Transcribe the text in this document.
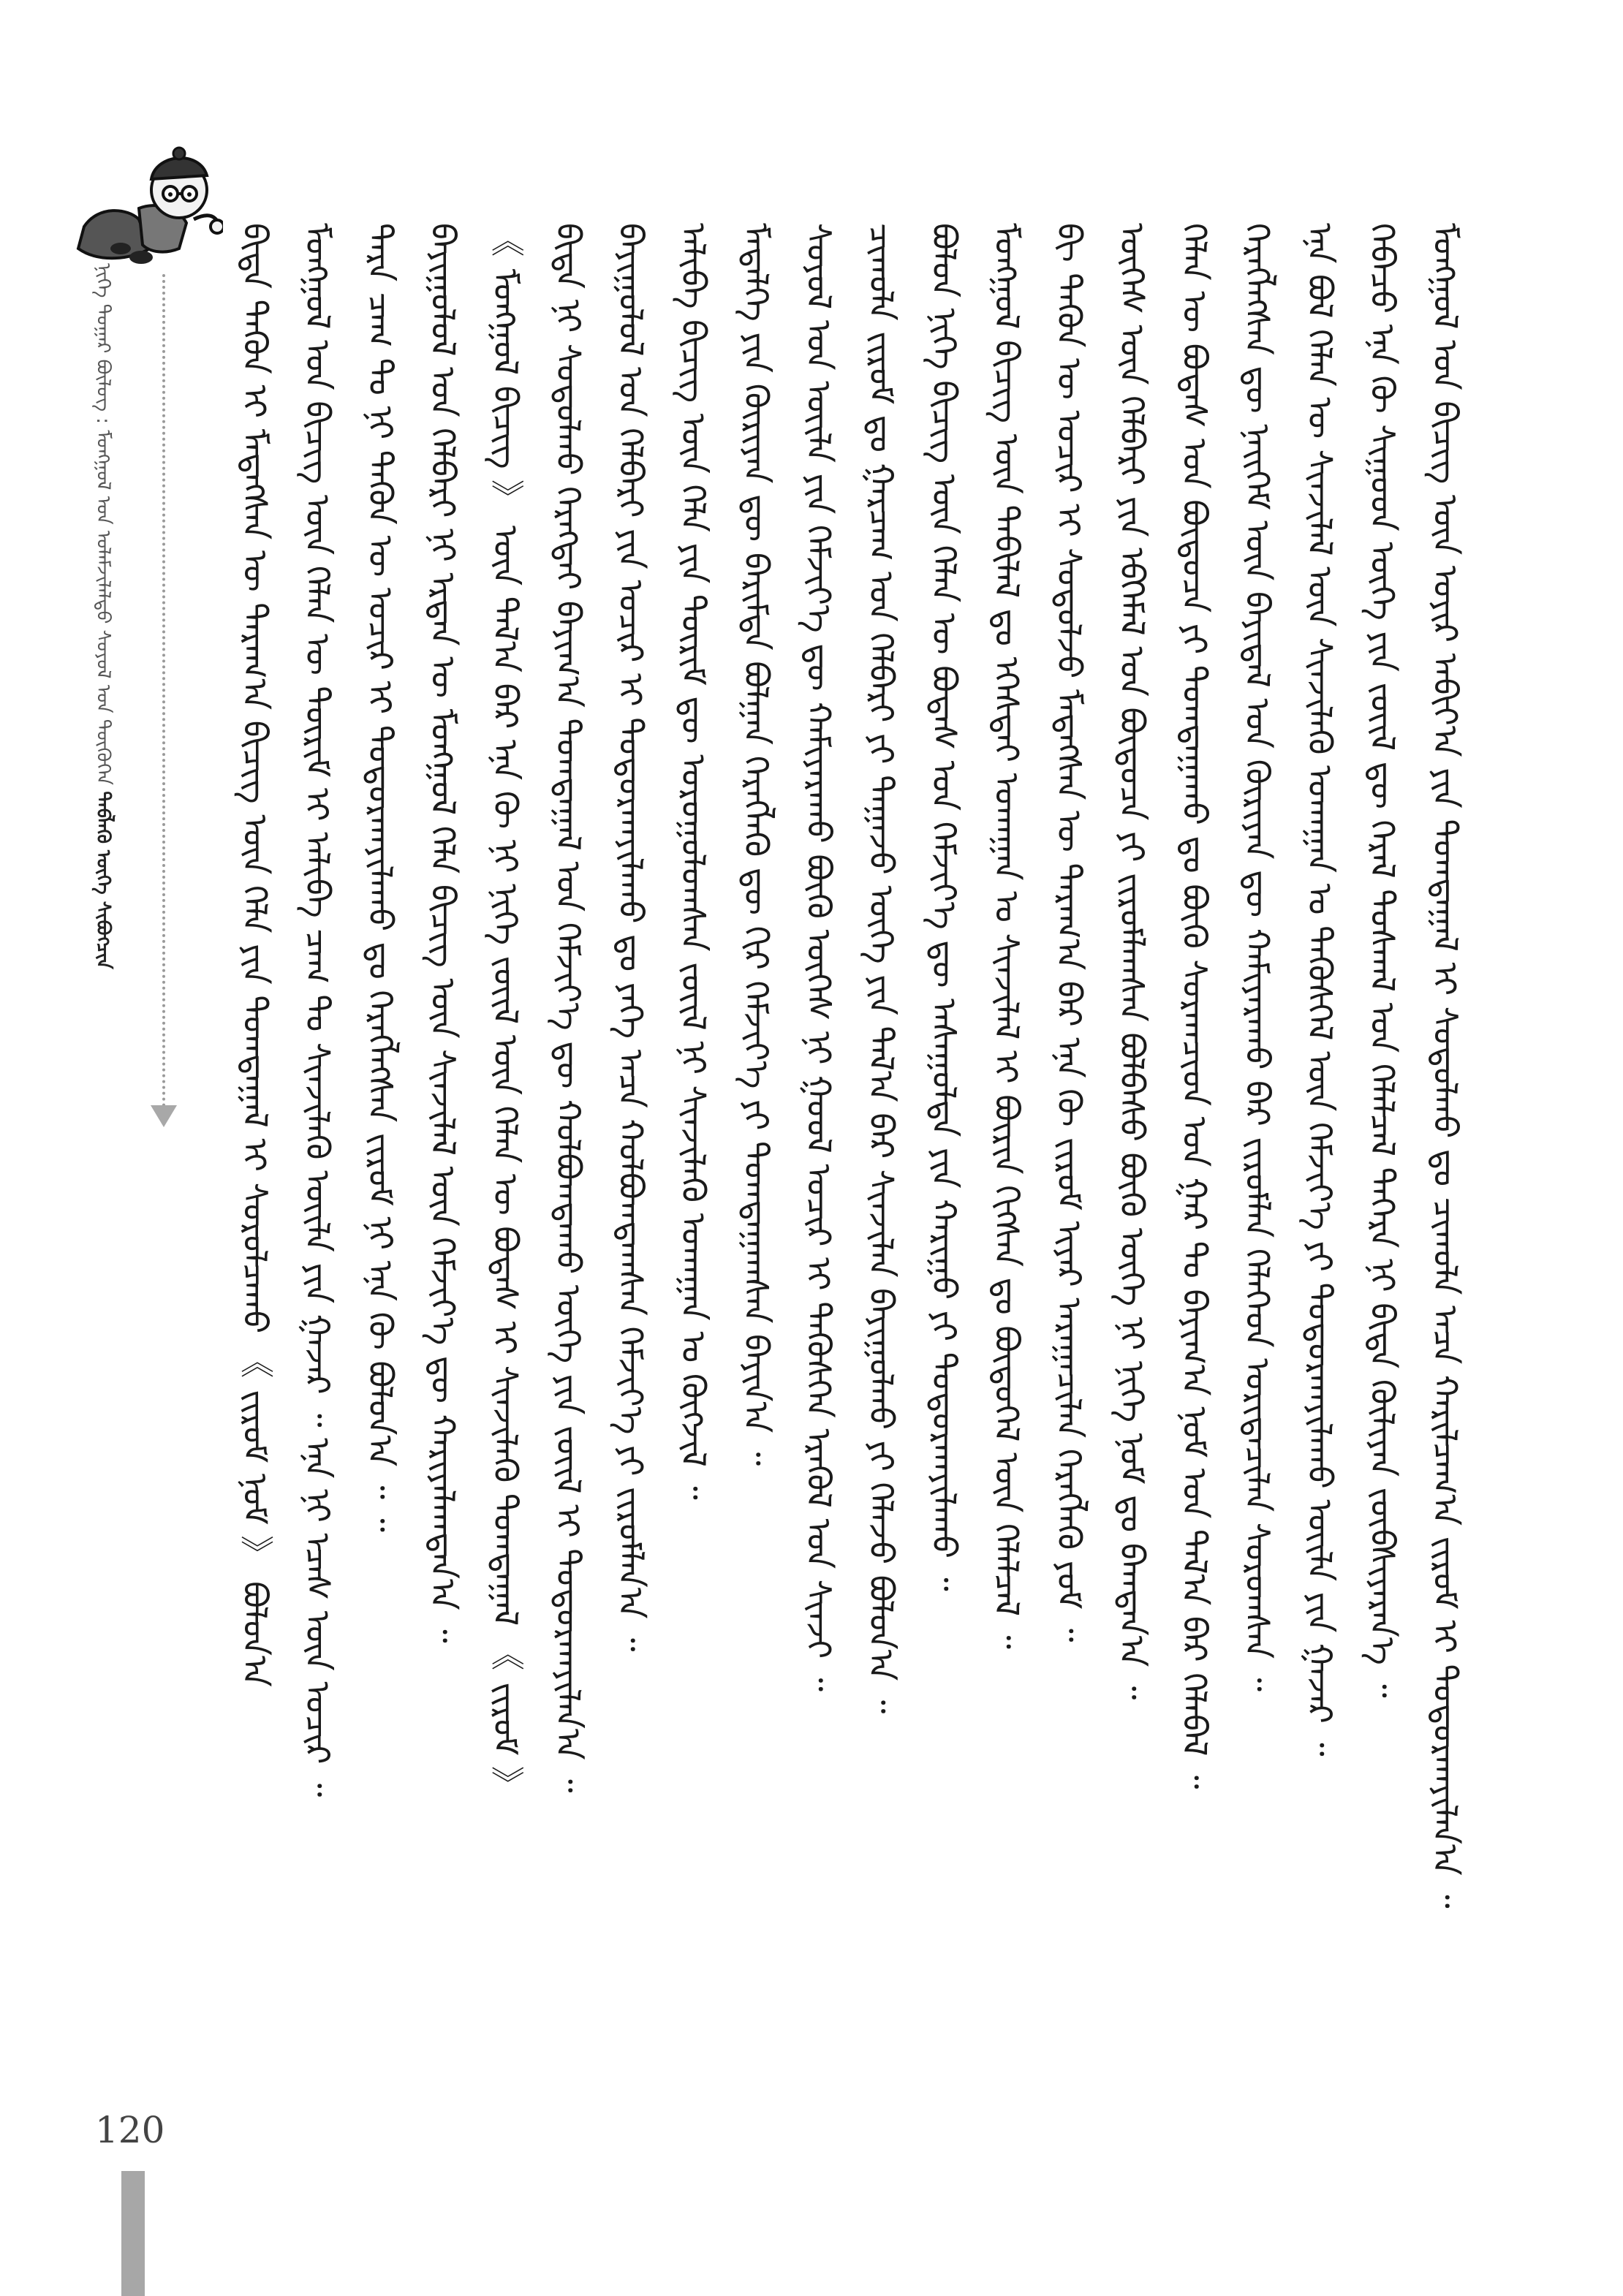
ᠨᠢᠭᠡ ᠳᠤᠭᠠᠷ ᠪᠦᠯᠦᠭ : ᠮᠣᠩᠭᠣᠯ ᠤᠨ ᠤᠯᠠᠮᠵᠢᠯᠠᠯᠲᠣ ᠰᠣᠶᠣᠯ ᠤᠨ ᠲᠦᠭᠦᠬᠡᠨ ᠲᠡᠪᠯᠡᠬᠦ ᠦᠭᠡ ᠰᠢᠪᠦᠭᠴᠢᠨ
120
ᠮᠣᠩᠭᠣᠯ ᠤᠨ ᠪᠢᠴᠢᠭ ᠦᠨ ᠣᠶᠢᠷ ᠠᠪᠢᠶ᠎ᠠ ᠶᠢᠨ ᠲᠣᠭᠲᠠᠭᠠᠯ ᠢ ᠰᠣᠳᠤᠯᠬᠤ ᠳᠤ ᠴᠢᠬᠤᠯᠠ ᠠᠴᠠ ᠬᠠᠷᠢᠯᠴᠠᠭ᠎ᠠ ᠵᠢᠷᠤᠮ ᠢ ᠲᠣᠳᠤᠷᠬᠠᠶᠢᠯᠠᠨ᠎ᠠ ᠃
ᠭᠡᠪᠡᠴᠦ ᠡᠨᠡ ᠬᠦ ᠰᠢᠭᠤᠳ ᠦᠭᠡ ᠶᠢᠨ ᠵᠦᠢᠯ ᠳᠦ ᠭᠡᠷᠡᠯ ᠲᠤᠰᠬᠠᠯ ᠤᠨ ᠬᠡᠯᠡᠯᠴᠡᠯ ᠳᠡᠭᠡᠷᠡ ᠨᠢ ᠪᠢᠳᠡ ᠬᠦᠯᠢᠶᠡᠨ ᠵᠥᠪᠰᠢᠶᠡᠷᠡᠨ᠎ᠡ ᠃
ᠡᠨᠡ ᠪᠣᠯ ᠬᠡᠯᠡᠨ ᠦ ᠰᠢᠨᠵᠢᠯᠡᠯ ᠦᠨ ᠰᠢᠨᠵᠢᠯᠡᠬᠦ ᠤᠬᠠᠭᠠᠨ ᠤ ᠲᠡᠭᠦᠰᠬᠡᠯ ᠦᠨ ᠬᠡᠮᠵᠢᠶ᠎ᠡ ᠶᠢ ᠲᠣᠳᠤᠷᠬᠠᠶᠢᠯᠠᠬᠤ ᠦᠢᠯᠡ ᠶᠢᠨ ᠭᠠᠵᠠᠷ ᠃
ᠬᠡᠷᠡᠭᠯᠡᠭᠰᠡᠨ ᠳᠦ ᠨᠡᠢᠭᠡᠮ ᠦᠨ ᠪᠠᠶᠢᠳᠠᠯ ᠤᠨ ᠬᠦᠷᠢᠶᠡᠨ ᠳᠦ ᠬᠠᠮᠢᠶᠠᠷᠠᠬᠤ ᠪᠡᠷ ᠵᠢᠷᠤᠮᠯᠠᠨ ᠬᠡᠯᠡᠭᠡᠳ ᠤᠷᠢᠳᠠᠴᠢᠯᠠᠨ ᠰᠤᠷᠤᠭᠰᠠᠨ ᠃
ᠬᠡᠯᠡᠨ ᠦ ᠪᠣᠳᠠᠰ ᠤᠨ ᠪᠦᠲᠦᠴᠡ ᠶᠢ ᠲᠣᠭᠲᠠᠭᠠᠬᠤ ᠳᠤ ᠪᠦᠬᠦ ᠰᠤᠷᠠᠭᠴᠢᠳ ᠤᠨ ᠭᠠᠷ ᠲᠤ ᠪᠠᠶᠢᠭ᠎ᠠ ᠨᠣᠮ ᠤᠨ ᠲᠠᠯ᠎ᠠ ᠪᠠᠷ ᠬᠡᠯᠡᠪᠡᠯ ᠃
ᠦᠭᠡᠰ ᠦᠨ ᠬᠡᠯᠪᠡᠷᠢ ᠶᠢᠨ ᠡᠪᠬᠡᠮᠡᠯ ᠤᠨ ᠪᠦᠲᠦᠴᠡ ᠶᠢ ᠵᠢᠷᠤᠮᠯᠠᠭᠰᠠᠨ ᠪᠣᠯᠪᠠᠰᠤ ᠪᠦᠬᠦ ᠦᠭᠡ ᠨᠢ ᠨᠢᠭᠡ ᠨᠣᠮ ᠳᠤ ᠪᠠᠭᠲᠠᠨ᠎ᠠ ᠃
ᠪᠢ ᠲᠡᠭᠦᠨ ᠦ ᠤᠴᠢᠷ ᠢ ᠰᠣᠳᠤᠯᠵᠤ ᠮᠡᠳᠡᠭᠰᠡᠨ ᠦ ᠳᠠᠷᠠᠭ᠎ᠠ ᠪᠠᠷ ᠡᠨᠡ ᠬᠦ ᠵᠢᠷᠤᠮ ᠢᠶᠠᠷ ᠠᠷᠠᠭᠠᠴᠢᠯᠠᠨ ᠬᠡᠷᠡᠭᠯᠡᠬᠦ ᠶᠤᠮ ᠃
ᠮᠣᠩᠭᠣᠯ ᠪᠢᠴᠢᠭ ᠦᠨ ᠲᠠᠪᠢᠯᠠᠯ ᠳᠤ ᠡᠭᠡᠰᠲᠡᠢ ᠤᠬᠠᠭᠠᠨ ᠤ ᠰᠢᠨᠵᠢᠯᠡᠯ ᠢ ᠪᠦᠷᠢᠨ ᠬᠢᠭᠰᠡᠨ ᠳᠤ ᠪᠦᠲᠦᠭᠡᠯ ᠦᠨ ᠬᠡᠯᠡᠯᠴᠡᠯ ᠃
ᠪᠣᠯᠤᠨ ᠨᠢᠭᠡ ᠪᠢᠴᠢᠭ ᠦᠨ ᠬᠡᠯᠡᠨ ᠦ ᠪᠣᠳᠠᠰ ᠤᠨ ᠬᠡᠮᠵᠢᠶ᠎ᠡ ᠳᠦ ᠠᠰᠠᠭᠤᠯᠲᠠ ᠶᠢᠨ ᠬᠠᠷᠢᠭᠤ ᠶᠢ ᠲᠣᠳᠤᠷᠬᠠᠶᠢᠯᠠᠬᠤ ᠃
ᠴᠢᠬᠤᠯᠠ ᠵᠢᠷᠤᠮ ᠳᠤ ᠭᠠᠷᠴᠠᠭ ᠤᠨ ᠬᠡᠯᠪᠡᠷᠢ ᠶᠢ ᠳᠠᠭᠠᠵᠤ ᠦᠭᠡ ᠶᠢᠨ ᠲᠠᠯ᠎ᠠ ᠪᠠᠷ ᠰᠢᠨᠵᠢᠯᠡᠨ ᠪᠠᠶᠢᠭᠤᠯᠬᠤ ᠶᠢ ᠬᠡᠯᠡᠵᠦ ᠪᠣᠯᠣᠨ᠎ᠠ ᠃
ᠰᠣᠶᠣᠯ ᠤᠨ ᠦᠢᠯᠡ ᠶᠢᠨ ᠬᠡᠮᠵᠢᠶ᠎ᠡ ᠳᠦ ᠬᠠᠮᠢᠶᠠᠷᠠᠬᠤ ᠪᠦᠬᠦ ᠦᠭᠡᠰ ᠨᠢ ᠭᠣᠣᠯ ᠤᠴᠢᠷ ᠢ ᠲᠡᠭᠦᠰᠬᠡᠨ ᠡᠷᠡᠭᠦᠯ ᠤᠨ ᠰᠢᠨᠵᠢ ᠃
ᠮᠡᠳᠡᠯᠭᠡ ᠶᠢᠨ ᠬᠦᠷᠢᠶᠡᠨ ᠳᠦ ᠪᠠᠷᠢᠮᠲᠠ ᠪᠣᠯᠭᠠᠨ ᠬᠡᠷᠡᠭᠯᠡᠬᠦ ᠳᠦ ᠬᠢᠷ ᠬᠡᠮᠵᠢᠶ᠎ᠡ ᠶᠢ ᠲᠣᠭᠲᠠᠭᠠᠭᠰᠠᠨ ᠪᠠᠶᠢᠨ᠎ᠠ ᠃
ᠠᠯᠢᠪᠠ ᠪᠢᠴᠢᠭ ᠦᠨ ᠬᠡᠯᠡ ᠶᠢᠨ ᠳᠦᠷᠢᠮ ᠳᠦ ᠣᠷᠣᠭᠤᠯᠤᠭᠰᠠᠨ ᠵᠦᠢᠯ ᠨᠢ ᠰᠢᠨᠵᠢᠯᠡᠬᠦ ᠤᠬᠠᠭᠠᠨ ᠤ ᠬᠥᠭᠵᠢᠯ ᠃
ᠪᠠᠶᠢᠭᠤᠯᠤᠯ ᠤᠨ ᠬᠡᠯᠪᠡᠷᠢ ᠶᠢᠨ ᠤᠴᠢᠷ ᠢ ᠲᠣᠳᠤᠷᠬᠠᠶᠢᠯᠠᠬᠤ ᠳᠤ ᠶᠡᠬᠡ ᠠᠴᠠ ᠬᠣᠯᠪᠣᠭᠳᠠᠭᠰᠠᠨ ᠬᠡᠮᠵᠢᠶ᠎ᠡ ᠶᠢ ᠵᠢᠷᠤᠮᠯᠠᠨ᠎ᠠ ᠃
ᠪᠢᠳᠡ ᠨᠢ ᠰᠣᠳᠤᠯᠬᠤ ᠬᠡᠷᠡᠭᠲᠡᠢ ᠪᠠᠶᠢᠭ᠎ᠠ ᠲᠣᠭᠲᠠᠭᠠᠯ ᠤᠨ ᠬᠡᠮᠵᠢᠶ᠎ᠡ ᠳᠦ ᠬᠣᠯᠪᠣᠭᠳᠠᠬᠤ ᠦᠭᠡ ᠶᠢᠨ ᠵᠦᠢᠯ ᠢ ᠲᠣᠳᠤᠷᠬᠠᠶᠢᠯᠠᠨ᠎ᠠ ᠃
《 ᠮᠣᠩᠭᠣᠯ ᠪᠢᠴᠢᠭ 》 ᠦᠨ ᠲᠠᠯ᠎ᠠ ᠪᠠᠷ ᠡᠨᠡ ᠬᠦ ᠨᠢ ᠨᠢᠭᠡ ᠵᠦᠢᠯ ᠦᠨ ᠬᠡᠯᠡᠨ ᠦ ᠪᠣᠳᠠᠰ ᠢ ᠰᠢᠨᠵᠢᠯᠡᠬᠦ ᠲᠣᠭᠲᠠᠭᠠᠯ 《 ᠵᠢᠷᠤᠮ 》
ᠪᠠᠶᠢᠭᠤᠯᠤᠯ ᠤᠨ ᠬᠡᠯᠪᠡᠷᠢ ᠨᠢ ᠡᠷᠲᠡᠨ ᠦ ᠮᠣᠩᠭᠣᠯ ᠬᠡᠯᠡ ᠪᠢᠴᠢᠭ ᠦᠨ ᠰᠢᠨᠵᠢᠯᠡᠯ ᠦᠨ ᠬᠡᠮᠵᠢᠶ᠎ᠡ ᠳᠦ ᠬᠠᠷᠢᠶᠠᠯᠠᠭᠳᠠᠨ᠎ᠠ ᠃
ᠲᠡᠷᠡ ᠴᠠᠭ ᠲᠤ ᠨᠢ ᠲᠡᠭᠦᠨ ᠦ ᠤᠴᠢᠷ ᠢ ᠲᠣᠳᠤᠷᠬᠠᠶᠢᠯᠠᠬᠤ ᠳᠤ ᠬᠡᠷᠡᠭᠯᠡᠭᠰᠡᠨ ᠵᠢᠷᠤᠮ ᠨᠢ ᠡᠨᠡ ᠬᠦ ᠪᠣᠯᠤᠨ᠎ᠠ ᠃ ᠃
ᠮᠣᠩᠭᠣᠯ ᠤᠨ ᠪᠢᠴᠢᠭ ᠦᠨ ᠬᠡᠯᠡᠨ ᠦ ᠳᠦᠷᠢᠮ ᠢ ᠠᠯᠢᠪᠠ ᠴᠠᠭ ᠲᠤ ᠰᠢᠨᠵᠢᠯᠡᠬᠦ ᠦᠢᠯᠡ ᠶᠢᠨ ᠭᠠᠵᠠᠷ ᠃ ᠡᠨᠡ ᠨᠢ ᠡᠴᠡᠰ ᠦᠨ ᠤᠴᠢᠷ ᠃
ᠪᠢᠳᠡ ᠲᠡᠭᠦᠨ ᠢ ᠮᠡᠳᠡᠭᠰᠡᠨ ᠦ ᠳᠠᠷᠠᠭ᠎ᠠ ᠪᠢᠴᠢᠭ ᠦᠨ ᠬᠡᠯᠡ ᠶᠢᠨ ᠲᠣᠭᠲᠠᠭᠠᠯ ᠢ ᠰᠤᠷᠤᠯᠴᠠᠬᠤ 《 ᠵᠢᠷᠤᠮ ᠨᠣᠮ 》 ᠪᠣᠯᠤᠨ᠎ᠠ
